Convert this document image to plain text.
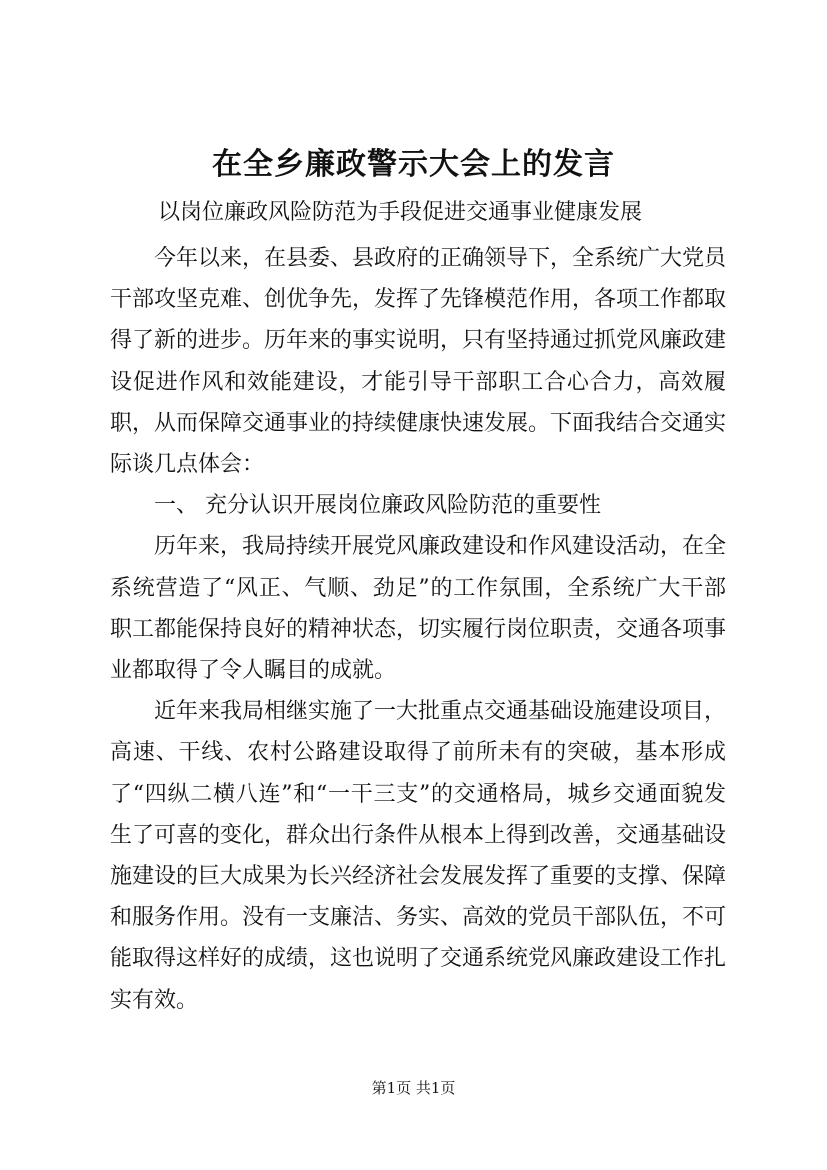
在全乡廉政警示大会上的发言

以岗位廉政风险防范为手段促进交通事业健康发展

今年以来，在县委、县政府的正确领导下，全系统广大党员干部攻坚克难、创优争先，发挥了先锋模范作用，各项工作都取得了新的进步。历年来的事实说明，只有坚持通过抓党风廉政建设促进作风和效能建设，才能引导干部职工合心合力，高效履职，从而保障交通事业的持续健康快速发展。下面我结合交通实际谈几点体会：

一、 充分认识开展岗位廉政风险防范的重要性

历年来，我局持续开展党风廉政建设和作风建设活动，在全系统营造了“风正、气顺、劲足”的工作氛围，全系统广大干部职工都能保持良好的精神状态，切实履行岗位职责，交通各项事业都取得了令人瞩目的成就。

近年来我局相继实施了一大批重点交通基础设施建设项目，高速、干线、农村公路建设取得了前所未有的突破，基本形成了“四纵二横八连”和“一干三支”的交通格局，城乡交通面貌发生了可喜的变化，群众出行条件从根本上得到改善，交通基础设施建设的巨大成果为长兴经济社会发展发挥了重要的支撑、保障和服务作用。没有一支廉洁、务实、高效的党员干部队伍，不可能取得这样好的成绩，这也说明了交通系统党风廉政建设工作扎实有效。

第1页 共1页
